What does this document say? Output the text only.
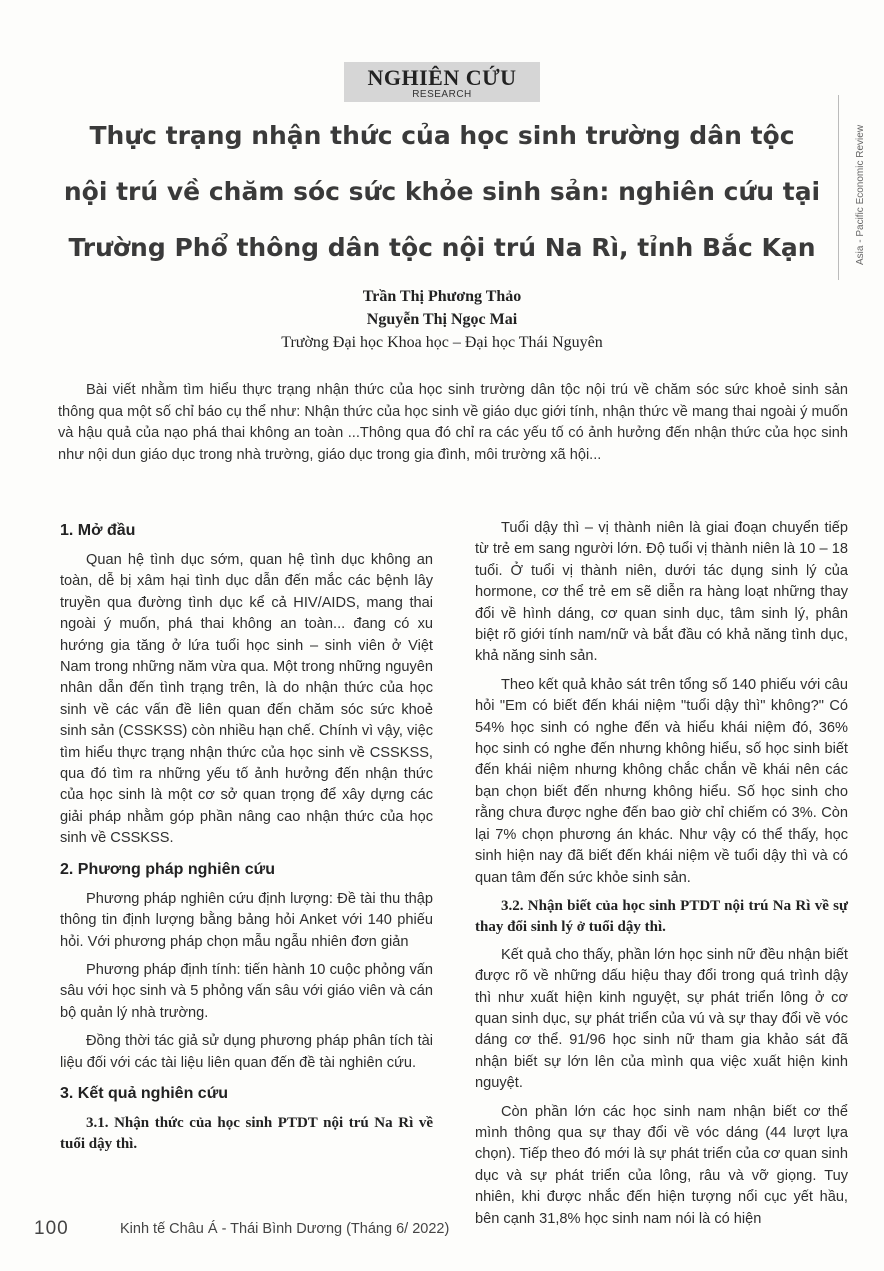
NGHIÊN CỨU
RESEARCH
Asia - Pacific Economic Review
Thực trạng nhận thức của học sinh trường dân tộc
nội trú về chăm sóc sức khỏe sinh sản: nghiên cứu tại
Trường Phổ thông dân tộc nội trú Na Rì, tỉnh Bắc Kạn
Trần Thị Phương Thảo
Nguyễn Thị Ngọc Mai
Trường Đại học Khoa học – Đại học Thái Nguyên

Bài viết nhằm tìm hiểu thực trạng nhận thức của học sinh trường dân tộc nội trú về chăm sóc sức khoẻ sinh sản thông qua một số chỉ báo cụ thể như: Nhận thức của học sinh về giáo dục giới tính, nhận thức về mang thai ngoài ý muốn và hậu quả của nạo phá thai không an toàn ...Thông qua đó chỉ ra các yếu tố có ảnh hưởng đến nhận thức của học sinh như nội dun giáo dục trong nhà trường, giáo dục trong gia đình, môi trường xã hội...

1. Mở đầu

Quan hệ tình dục sớm, quan hệ tình dục không an toàn, dễ bị xâm hại tình dục dẫn đến mắc các bệnh lây truyền qua đường tình dục kể cả HIV/AIDS, mang thai ngoài ý muốn, phá thai không an toàn... đang có xu hướng gia tăng ở lứa tuổi học sinh – sinh viên ở Việt Nam trong những năm vừa qua. Một trong những nguyên nhân dẫn đến tình trạng trên, là do nhận thức của học sinh về các vấn đề liên quan đến chăm sóc sức khoẻ sinh sản (CSSKSS) còn nhiều hạn chế. Chính vì vậy, việc tìm hiểu thực trạng nhận thức của học sinh về CSSKSS, qua đó tìm ra những yếu tố ảnh hưởng đến nhận thức của học sinh là một cơ sở quan trọng để xây dựng các giải pháp nhằm góp phần nâng cao nhận thức của học sinh về CSSKSS.

2. Phương pháp nghiên cứu

Phương pháp nghiên cứu định lượng: Đề tài thu thập thông tin định lượng bằng bảng hỏi Anket với 140 phiếu hỏi. Với phương pháp chọn mẫu ngẫu nhiên đơn giản

Phương pháp định tính: tiến hành 10 cuộc phỏng vấn sâu với học sinh và 5 phỏng vấn sâu với giáo viên và cán bộ quản lý nhà trường.

Đồng thời tác giả sử dụng phương pháp phân tích tài liệu đối với các tài liệu liên quan đến đề tài nghiên cứu.

3. Kết quả nghiên cứu
3.1. Nhận thức của học sinh PTDT nội trú Na Rì về tuổi dậy thì.

Tuổi dậy thì – vị thành niên là giai đoạn chuyển tiếp từ trẻ em sang người lớn. Độ tuổi vị thành niên là 10 – 18 tuổi. Ở tuổi vị thành niên, dưới tác dụng sinh lý của hormone, cơ thể trẻ em sẽ diễn ra hàng loạt những thay đổi về hình dáng, cơ quan sinh dục, tâm sinh lý, phân biệt rõ giới tính nam/nữ và bắt đầu có khả năng tình dục, khả năng sinh sản.

Theo kết quả khảo sát trên tổng số 140 phiếu với câu hỏi "Em có biết đến khái niệm "tuổi dậy thì" không?" Có 54% học sinh có nghe đến và hiểu khái niệm đó, 36% học sinh có nghe đến nhưng không hiểu, số học sinh biết đến khái niệm nhưng không chắc chắn về khái nên các bạn chọn biết đến nhưng không hiểu. Số học sinh cho rằng chưa được nghe đến bao giờ chỉ chiếm có 3%. Còn lại 7% chọn phương án khác. Như vậy có thể thấy, học sinh hiện nay đã biết đến khái niệm về tuổi dậy thì và có quan tâm đến sức khỏe sinh sản.

3.2. Nhận biết của học sinh PTDT nội trú Na Rì về sự thay đổi sinh lý ở tuổi dậy thì.

Kết quả cho thấy, phần lớn học sinh nữ đều nhận biết được rõ về những dấu hiệu thay đổi trong quá trình dậy thì như xuất hiện kinh nguyệt, sự phát triển lông ở cơ quan sinh dục, sự phát triển của vú và sự thay đổi về vóc dáng cơ thể. 91/96 học sinh nữ tham gia khảo sát đã nhận biết sự lớn lên của mình qua việc xuất hiện kinh nguyệt.

Còn phần lớn các học sinh nam nhận biết cơ thể mình thông qua sự thay đổi về vóc dáng (44 lượt lựa chọn). Tiếp theo đó mới là sự phát triển của cơ quan sinh dục và sự phát triển của lông, râu và vỡ giọng. Tuy nhiên, khi được nhắc đến hiện tượng nổi cục yết hầu, bên cạnh 31,8% học sinh nam nói là có hiện

100	Kinh tế Châu Á - Thái Bình Dương (Tháng 6/ 2022)
